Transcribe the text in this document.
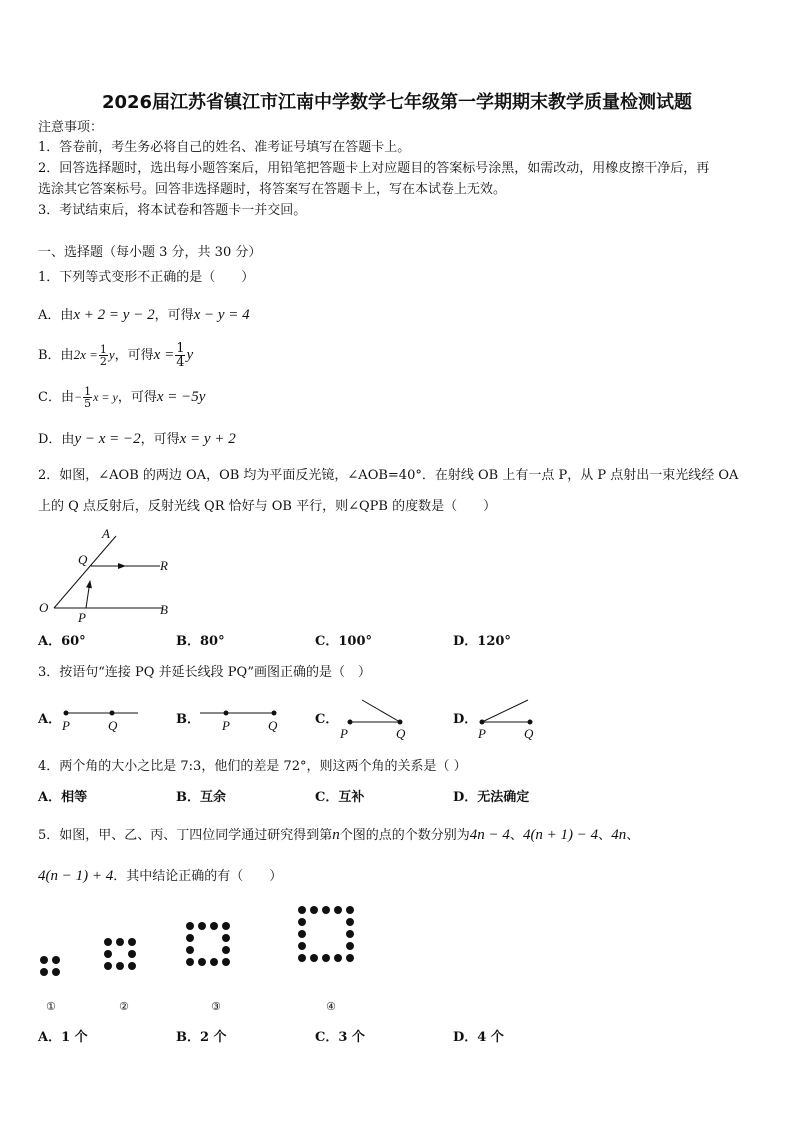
2026届江苏省镇江市江南中学数学七年级第一学期期末教学质量检测试题
注意事项：
1．答卷前，考生务必将自己的姓名、准考证号填写在答题卡上。
2．回答选择题时，选出每小题答案后，用铅笔把答题卡上对应题目的答案标号涂黑，如需改动，用橡皮擦干净后，再
选涂其它答案标号。回答非选择题时，将答案写在答题卡上，写在本试卷上无效。
3．考试结束后，将本试卷和答题卡一并交回。
一、选择题（每小题 3 分，共 30 分）
1．下列等式变形不正确的是（　　）
A．由x + 2 = y − 2，可得x − y = 4
B．由$2x = \frac{1}{2}$ y，可得$x = \frac{1}{4}$ y
C．由− $\frac{1}{5}$ x = y，可得x = −5y
D．由y − x = −2，可得x = y + 2
2．如图，∠AOB 的两边 OA，OB 均为平面反光镜，∠AOB=40°．在射线 OB 上有一点 P，从 P 点射出一束光线经 OA
上的 Q 点反射后，反射光线 QR 恰好与 OB 平行，则∠QPB 的度数是（　　）
A
Q	R
O	B
P
A．60°	B．80°	C．100°	D．120°
3．按语句“连接 PQ 并延长线段 PQ”画图正确的是（　）
A． P	Q	B． P	Q	C．
P	Q
D．
P	Q
4．两个角的大小之比是 7:3，他们的差是 72°，则这两个角的关系是（ ）
A．相等	B．互余	C．互补	D．无法确定
5．如图，甲、乙、丙、丁四位同学通过研究得到第n个图的点的个数分别为4n − 4、4(n + 1) − 4、4n、
4(n − 1) + 4．其中结论正确的有（　　）
①	②	③	④
A．1 个	B．2 个	C．3 个	D．4 个
